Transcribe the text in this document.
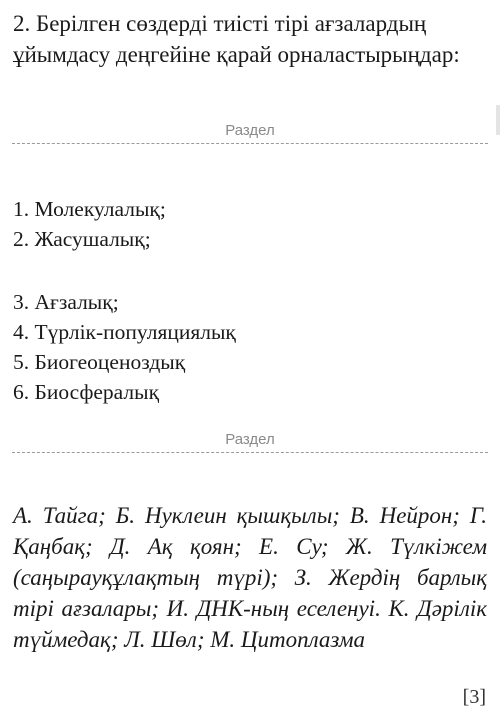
2. Берілген сөздерді тиісті тірі ағзалардың ұйымдасу деңгейіне қарай орналастырыңдар:

Раздел
1. Молекулалық;
2. Жасушалық;
3. Ағзалық;
4. Түрлік-популяциялық
5. Биогеоценоздық
6. Биосфералық
Раздел

А. Тайга; Б. Нуклеин қышқылы; В. Нейрон; Г. Қаңбақ; Д. Ақ қоян; Е. Су; Ж. Түлкіжем (саңырауқұлақтың түрі); З. Жердің барлық тірі ағзалары; И. ДНК-ның еселенуі. К. Дәрілік түймедақ; Л. Шөл; М. Цитоплазма

[3]
